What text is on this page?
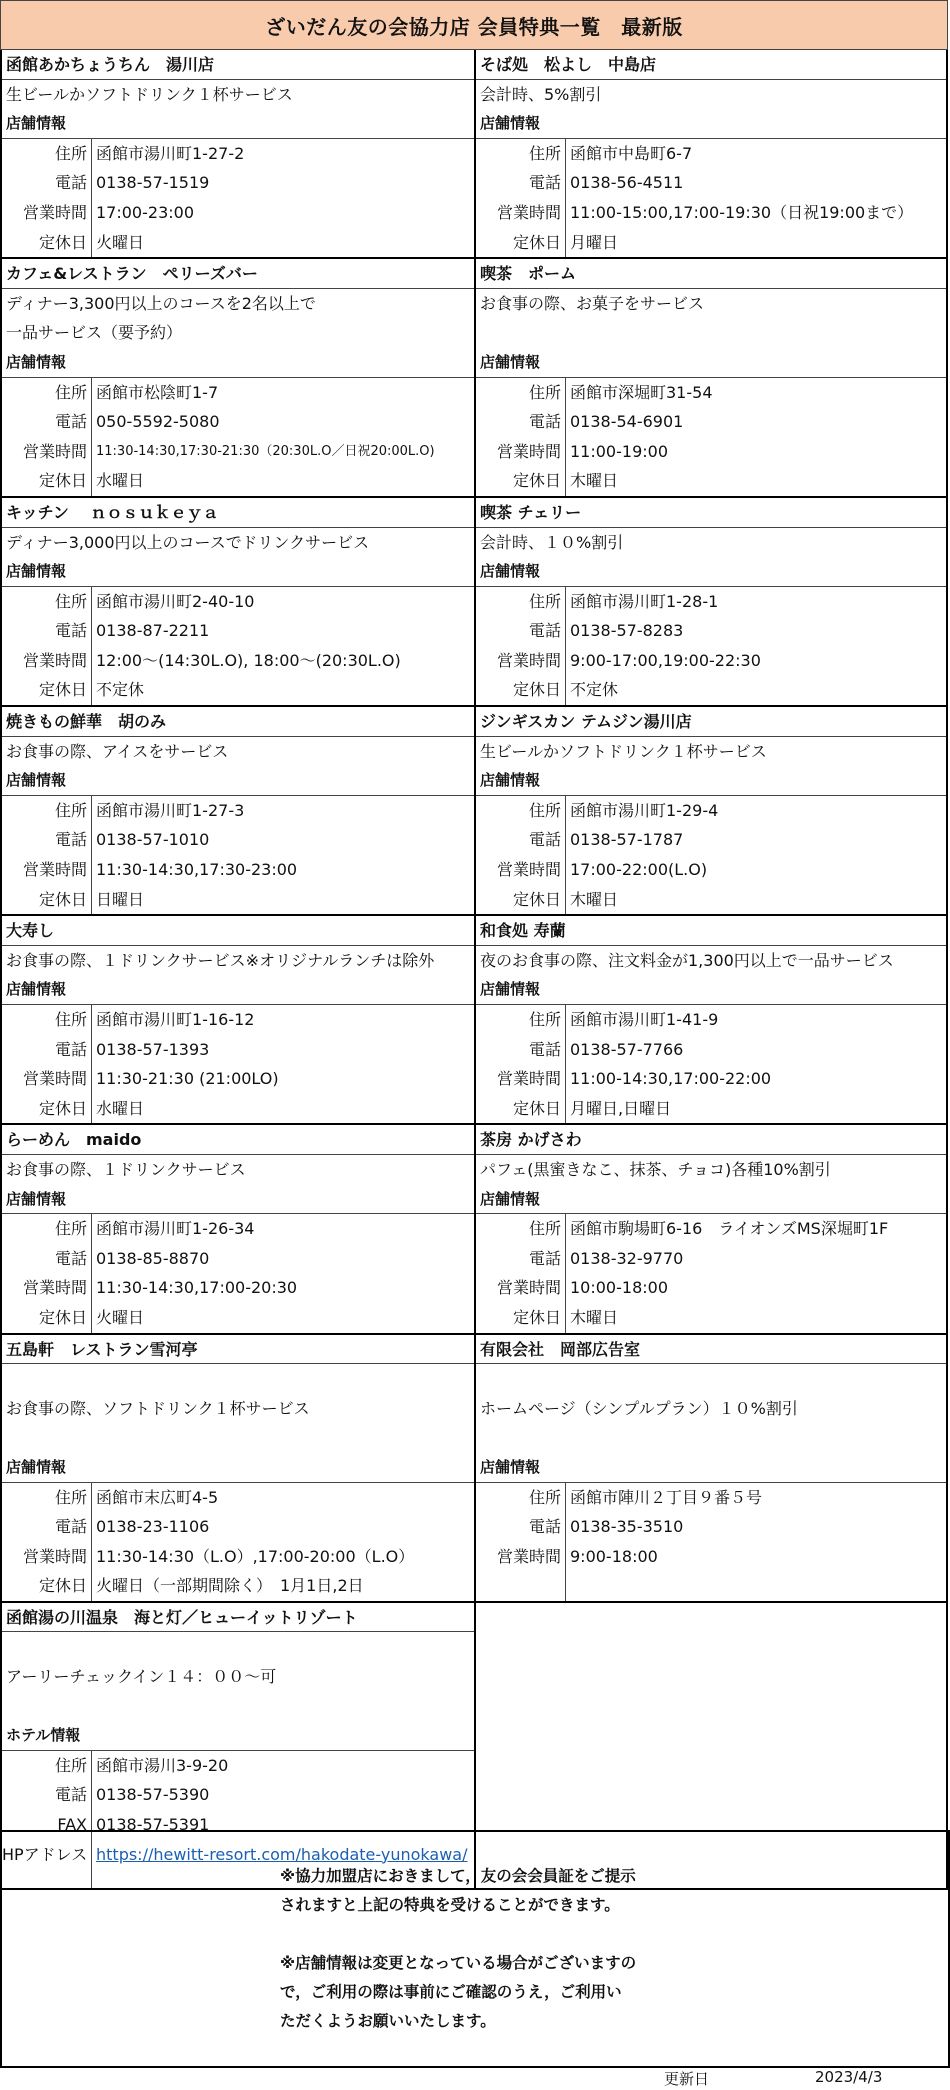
ざいだん友の会協力店 会員特典一覧　最新版
函館あかちょうちん　湯川店
生ビールかソフトドリンク１杯サービス
店舗情報
住所 函館市湯川町1-27-2
電話 0138-57-1519
営業時間 17:00-23:00
定休日 火曜日
そば処　松よし　中島店
会計時、5%割引
店舗情報
住所 函館市中島町6-7
電話 0138-56-4511
営業時間 11:00-15:00,17:00-19:30（日祝19:00まで）
定休日 月曜日
カフェ&レストラン　ペリーズバー
ディナー3,300円以上のコースを2名以上で
一品サービス（要予約）
店舗情報
住所 函館市松陰町1-7
電話 050-5592-5080
営業時間 11:30-14:30,17:30-21:30（20:30L.O／日祝20:00L.O)
定休日 水曜日
喫茶　ポーム
お食事の際、お菓子をサービス
店舗情報
住所 函館市深堀町31-54
電話 0138-54-6901
営業時間 11:00-19:00
定休日 木曜日
キッチン　 ｎｏｓｕｋｅｙａ
ディナー3,000円以上のコースでドリンクサービス
店舗情報
住所 函館市湯川町2-40-10
電話 0138-87-2211
営業時間 12:00～(14:30L.O), 18:00～(20:30L.O)
定休日 不定休
喫茶 チェリー
会計時、１０%割引
店舗情報
住所 函館市湯川町1-28-1
電話 0138-57-8283
営業時間 9:00-17:00,19:00-22:30
定休日 不定休
焼きもの鮮華　胡のみ
お食事の際、アイスをサービス
店舗情報
住所 函館市湯川町1-27-3
電話 0138-57-1010
営業時間 11:30-14:30,17:30-23:00
定休日 日曜日
ジンギスカン テムジン湯川店
生ビールかソフトドリンク１杯サービス
店舗情報
住所 函館市湯川町1-29-4
電話 0138-57-1787
営業時間 17:00-22:00(L.O)
定休日 木曜日
大寿し
お食事の際、１ドリンクサービス※オリジナルランチは除外
店舗情報
住所 函館市湯川町1-16-12
電話 0138-57-1393
営業時間 11:30-21:30 (21:00LO)
定休日 水曜日
和食処 寿蘭
夜のお食事の際、注文料金が1,300円以上で一品サービス
店舗情報
住所 函館市湯川町1-41-9
電話 0138-57-7766
営業時間 11:00-14:30,17:00-22:00
定休日 月曜日,日曜日
らーめん　maido
お食事の際、１ドリンクサービス
店舗情報
住所 函館市湯川町1-26-34
電話 0138-85-8870
営業時間 11:30-14:30,17:00-20:30
定休日 火曜日
茶房 かげさわ
パフェ(黒蜜きなこ、抹茶、チョコ)各種10%割引
店舗情報
住所 函館市駒場町6-16　ライオンズMS深堀町1F
電話 0138-32-9770
営業時間 10:00-18:00
定休日 木曜日
五島軒　レストラン雪河亭
お食事の際、ソフトドリンク１杯サービス
店舗情報
住所 函館市末広町4-5
電話 0138-23-1106
営業時間 11:30-14:30（L.O）,17:00-20:00（L.O）
定休日 火曜日（一部期間除く）　1月1日,2日
有限会社　岡部広告室
ホームページ（シンプルプラン）１０%割引
店舗情報
住所 函館市陣川２丁目９番５号
電話 0138-35-3510
営業時間 9:00-18:00
函館湯の川温泉　海と灯／ヒューイットリゾート
アーリーチェックイン１４：００～可
ホテル情報
住所 函館市湯川3-9-20
電話 0138-57-5390
FAX 0138-57-5391
HPアドレス https://hewitt-resort.com/hakodate-yunokawa/
※協力加盟店におきまして，友の会会員証をご提示
されますと上記の特典を受けることができます。
※店舗情報は変更となっている場合がございますの
で，ご利用の際は事前にご確認のうえ，ご利用い
ただくようお願いいたします。
更新日	2023/4/3
